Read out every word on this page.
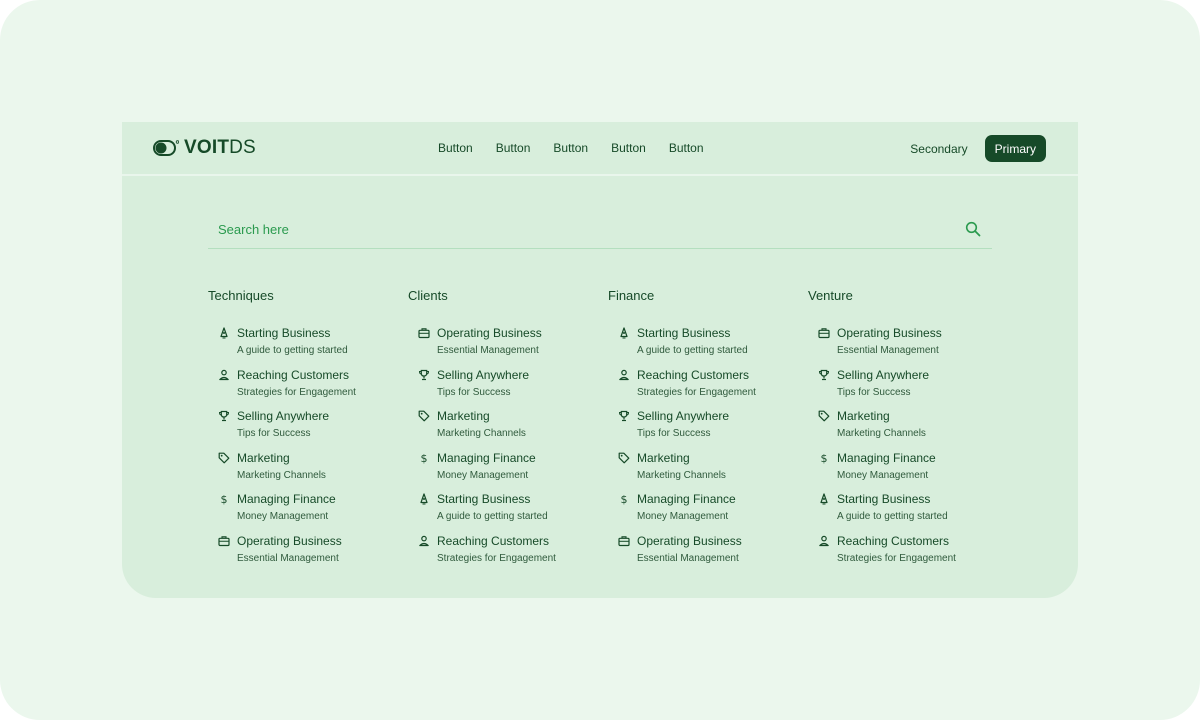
VOITDS	Button Button Button Button Button	Secondary	Primary
Search here
Techniques
Starting Business
A guide to getting started
Reaching Customers
Strategies for Engagement
Selling Anywhere
Tips for Success
Marketing
Marketing Channels
$ Managing Finance
Money Management
Operating Business
Essential Management
Clients
Operating Business
Essential Management
Selling Anywhere
Tips for Success
Marketing
Marketing Channels
$ Managing Finance
Money Management
Starting Business
A guide to getting started
Reaching Customers
Strategies for Engagement
Finance
Starting Business
A guide to getting started
Reaching Customers
Strategies for Engagement
Selling Anywhere
Tips for Success
Marketing
Marketing Channels
$ Managing Finance
Money Management
Operating Business
Essential Management
Venture
Operating Business
Essential Management
Selling Anywhere
Tips for Success
Marketing
Marketing Channels
$ Managing Finance
Money Management
Starting Business
A guide to getting started
Reaching Customers
Strategies for Engagement
